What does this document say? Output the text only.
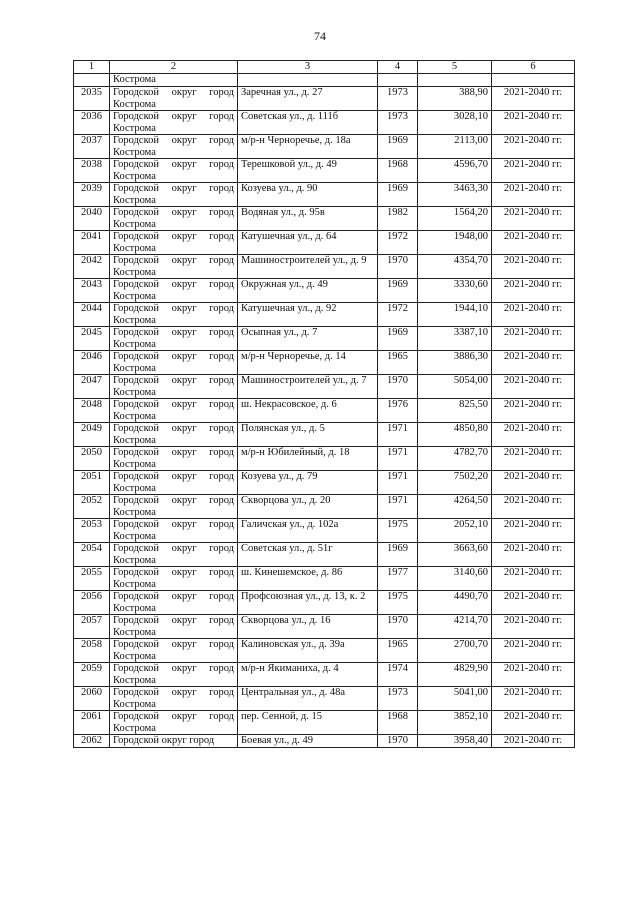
74
1	2	3	4	5	6
	Кострома				
2035	Городской округ город Кострома	Заречная ул., д. 27	1973	388,90	2021-2040 гг.
2036	Городской округ город Кострома	Советская ул., д. 111б	1973	3028,10	2021-2040 гг.
2037	Городской округ город Кострома	м/р-н Черноречье, д. 18а	1969	2113,00	2021-2040 гг.
2038	Городской округ город Кострома	Терешковой ул., д. 49	1968	4596,70	2021-2040 гг.
2039	Городской округ город Кострома	Козуева ул., д. 90	1969	3463,30	2021-2040 гг.
2040	Городской округ город Кострома	Водяная ул., д. 95в	1982	1564,20	2021-2040 гг.
2041	Городской округ город Кострома	Катушечная ул., д. 64	1972	1948,00	2021-2040 гг.
2042	Городской округ город Кострома	Машиностроителей ул., д. 9	1970	4354,70	2021-2040 гг.
2043	Городской округ город Кострома	Окружная ул., д. 49	1969	3330,60	2021-2040 гг.
2044	Городской округ город Кострома	Катушечная ул., д. 92	1972	1944,10	2021-2040 гг.
2045	Городской округ город Кострома	Осыпная ул., д. 7	1969	3387,10	2021-2040 гг.
2046	Городской округ город Кострома	м/р-н Черноречье, д. 14	1965	3886,30	2021-2040 гг.
2047	Городской округ город Кострома	Машиностроителей ул., д. 7	1970	5054,00	2021-2040 гг.
2048	Городской округ город Кострома	ш. Некрасовское, д. 6	1976	825,50	2021-2040 гг.
2049	Городской округ город Кострома	Полянская ул., д. 5	1971	4850,80	2021-2040 гг.
2050	Городской округ город Кострома	м/р-н Юбилейный, д. 18	1971	4782,70	2021-2040 гг.
2051	Городской округ город Кострома	Козуева ул., д. 79	1971	7502,20	2021-2040 гг.
2052	Городской округ город Кострома	Скворцова ул., д. 20	1971	4264,50	2021-2040 гг.
2053	Городской округ город Кострома	Галичская ул., д. 102а	1975	2052,10	2021-2040 гг.
2054	Городской округ город Кострома	Советская ул., д. 51г	1969	3663,60	2021-2040 гг.
2055	Городской округ город Кострома	ш. Кинешемское, д. 86	1977	3140,60	2021-2040 гг.
2056	Городской округ город Кострома	Профсоюзная ул., д. 13, к. 2	1975	4490,70	2021-2040 гг.
2057	Городской округ город Кострома	Скворцова ул., д. 16	1970	4214,70	2021-2040 гг.
2058	Городской округ город Кострома	Калиновская ул., д. 39а	1965	2700,70	2021-2040 гг.
2059	Городской округ город Кострома	м/р-н Якиманиха, д. 4	1974	4829,90	2021-2040 гг.
2060	Городской округ город Кострома	Центральная ул., д. 48а	1973	5041,00	2021-2040 гг.
2061	Городской округ город Кострома	пер. Сенной, д. 15	1968	3852,10	2021-2040 гг.
2062	Городской округ город	Боевая ул., д. 49	1970	3958,40	2021-2040 гг.
